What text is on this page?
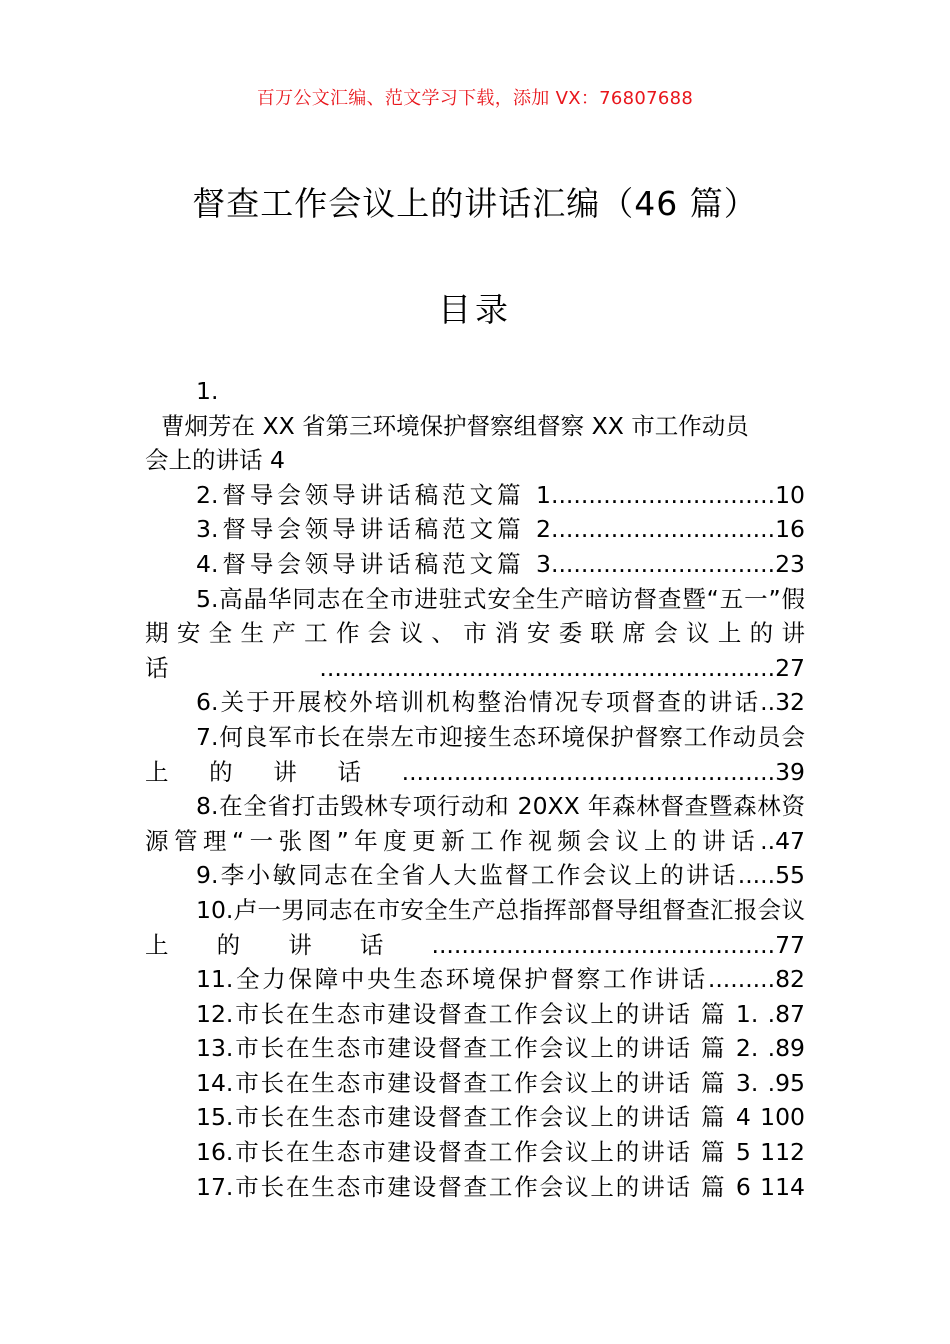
百万公文汇编、范文学习下载，添加 VX：76807688
督查工作会议上的讲话汇编（46 篇）
目录
1.
曹炯芳在 XX 省第三环境保护督察组督察 XX 市工作动员
会上的讲话 4
2.督导会领导讲话稿范文篇 1..............................10
3.督导会领导讲话稿范文篇 2..............................16
4.督导会领导讲话稿范文篇 3..............................23
5.高晶华同志在全市进驻式安全生产暗访督查暨“五一”假期安全生产工作会议、市消安委联席会议上的讲话.............................................................27
6.关于开展校外培训机构整治情况专项督查的讲话..32
7.何良军市长在崇左市迎接生态环境保护督察工作动员会上的讲话..................................................39
8.在全省打击毁林专项行动和 20XX 年森林督查暨森林资源管理“一张图”年度更新工作视频会议上的讲话..47
9.李小敏同志在全省人大监督工作会议上的讲话.....55
10.卢一男同志在市安全生产总指挥部督导组督查汇报会议上的讲话..............................................77
11.全力保障中央生态环境保护督察工作讲话.........82
12.市长在生态市建设督查工作会议上的讲话 篇 1. .87
13.市长在生态市建设督查工作会议上的讲话 篇 2. .89
14.市长在生态市建设督查工作会议上的讲话 篇 3. .95
15.市长在生态市建设督查工作会议上的讲话 篇 4 100
16.市长在生态市建设督查工作会议上的讲话 篇 5 112
17.市长在生态市建设督查工作会议上的讲话 篇 6 114
